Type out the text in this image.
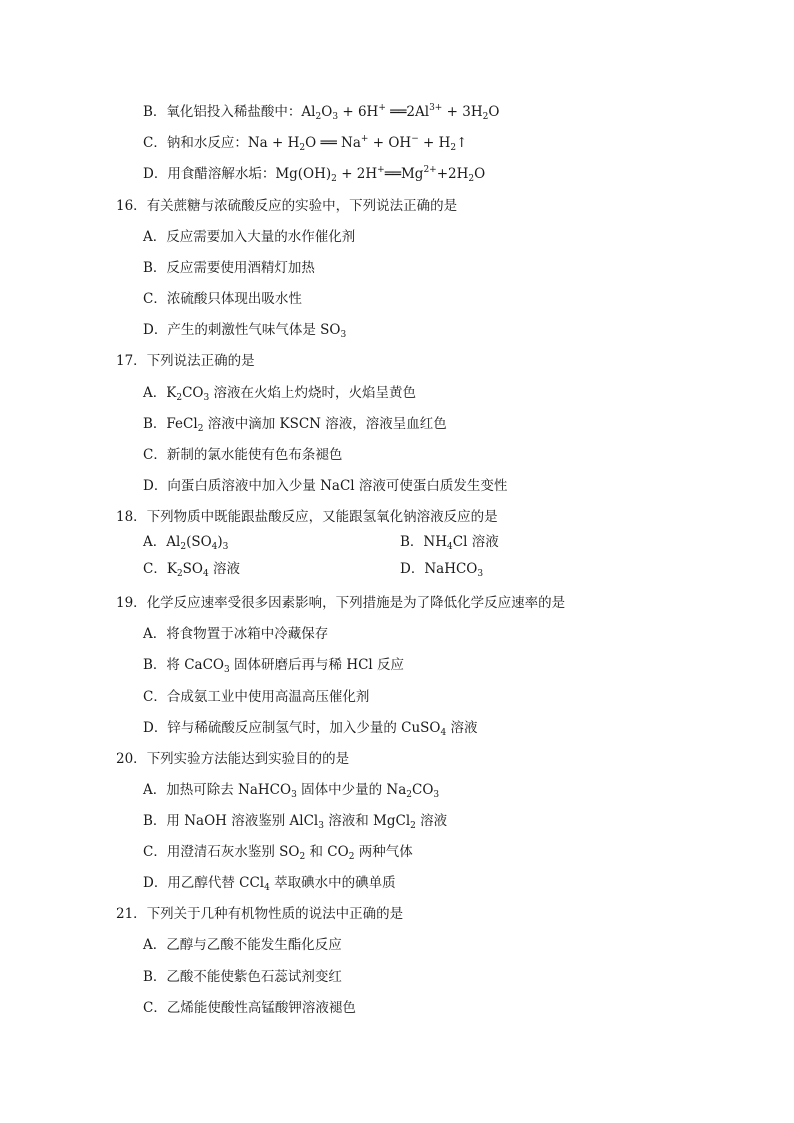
B．氧化铝投入稀盐酸中：$Al_2O_3 + 6H^+$ $══2Al^{3+} + 3H_2O$
C．钠和水反应：$Na + H_2O$ ══ $Na^+ + OH^- + H_2↑$
D．用食醋溶解水垢：$Mg(OH)_2$ + $2H^+══Mg^{2+}+2H_2O$
16．有关蔗糖与浓硫酸反应的实验中，下列说法正确的是
A．反应需要加入大量的水作催化剂
B．反应需要使用酒精灯加热
C．浓硫酸只体现出吸水性
D．产生的刺激性气味气体是 $SO_3$
17．下列说法正确的是
A．$K_2CO_3$ 溶液在火焰上灼烧时，火焰呈黄色
B．FeCl$_2$ 溶液中滴加 KSCN 溶液，溶液呈血红色
C．新制的氯水能使有色布条褪色
D．向蛋白质溶液中加入少量 NaCl 溶液可使蛋白质发生变性
18．下列物质中既能跟盐酸反应，又能跟氢氧化钠溶液反应的是
A．$Al_2(SO_4)_3$	B．$NH_4Cl$ 溶液
C．$K_2SO_4$ 溶液	D．NaHCO$_3$
19．化学反应速率受很多因素影响，下列措施是为了降低化学反应速率的是
A．将食物置于冰箱中冷藏保存
B．将 CaCO$_3$ 固体研磨后再与稀 HCl 反应
C．合成氨工业中使用高温高压催化剂
D．锌与稀硫酸反应制氢气时，加入少量的 CuSO$_4$ 溶液
20．下列实验方法能达到实验目的的是
A．加热可除去 NaHCO$_3$ 固体中少量的 $Na_2CO_3$
B．用 NaOH 溶液鉴别 AlCl$_3$ 溶液和 MgCl$_2$ 溶液
C．用澄清石灰水鉴别 $SO_2$ 和 $CO_2$ 两种气体
D．用乙醇代替 CCl$_4$ 萃取碘水中的碘单质
21．下列关于几种有机物性质的说法中正确的是
A．乙醇与乙酸不能发生酯化反应
B．乙酸不能使紫色石蕊试剂变红
C．乙烯能使酸性高锰酸钾溶液褪色
